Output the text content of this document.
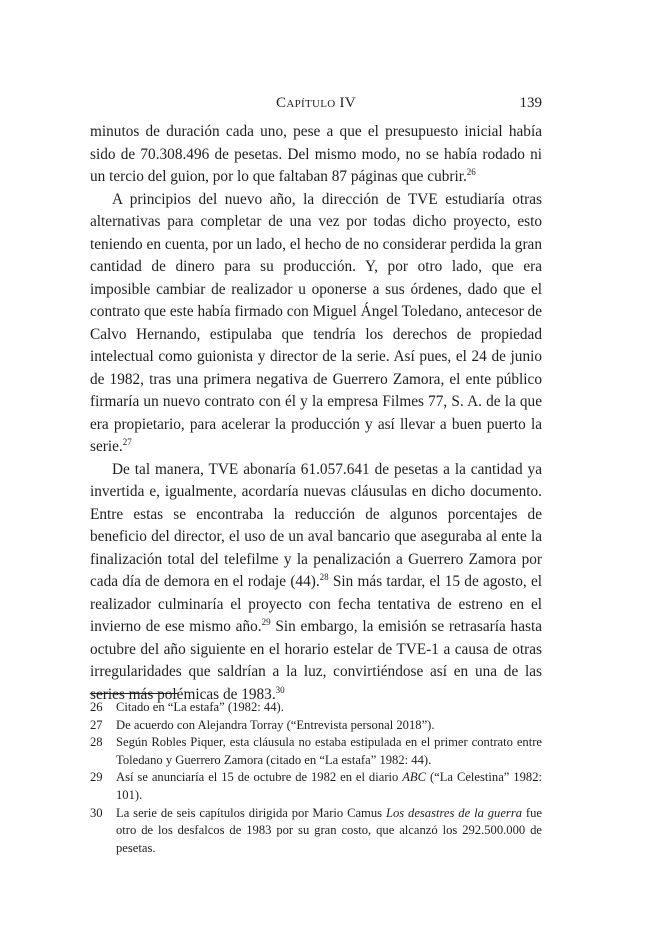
Capítulo IV	139

minutos de duración cada uno, pese a que el presupuesto inicial había sido de 70.308.496 de pesetas. Del mismo modo, no se había rodado ni un tercio del guion, por lo que faltaban 87 páginas que cubrir.$^{26}$

A principios del nuevo año, la dirección de TVE estudiaría otras alternativas para completar de una vez por todas dicho proyecto, esto teniendo en cuenta, por un lado, el hecho de no considerar perdida la gran cantidad de dinero para su producción. Y, por otro lado, que era imposible cambiar de realizador u oponerse a sus órdenes, dado que el contrato que este había firmado con Miguel Ángel Toledano, antecesor de Calvo Hernando, estipulaba que tendría los derechos de propiedad intelectual como guionista y director de la serie. Así pues, el 24 de junio de 1982, tras una primera negativa de Guerrero Zamora, el ente público firmaría un nuevo contrato con él y la empresa Filmes 77, S. A. de la que era propietario, para acelerar la producción y así llevar a buen puerto la serie.$^{27}$

De tal manera, TVE abonaría 61.057.641 de pesetas a la cantidad ya invertida e, igualmente, acordaría nuevas cláusulas en dicho documento. Entre estas se encontraba la reducción de algunos porcentajes de beneficio del director, el uso de un aval bancario que aseguraba al ente la finalización total del telefilme y la penalización a Guerrero Zamora por cada día de demora en el rodaje (44).$^{28}$ Sin más tardar, el 15 de agosto, el realizador culminaría el proyecto con fecha tentativa de estreno en el invierno de ese mismo año.$^{29}$ Sin embargo, la emisión se retrasaría hasta octubre del año siguiente en el horario estelar de TVE-1 a causa de otras irregularidades que saldrían a la luz, convirtiéndose así en una de las series más polémicas de 1983.30

26	Citado en “La estafa” (1982: 44).
27	De acuerdo con Alejandra Torray (“Entrevista personal 2018”).
28	Según Robles Piquer, esta cláusula no estaba estipulada en el primer contrato entre Toledano y Guerrero Zamora (citado en “La estafa” 1982: 44).
29	Así se anunciaría el 15 de octubre de 1982 en el diario ABC (“La Celestina” 1982: 101).
30	La serie de seis capítulos dirigida por Mario Camus Los desastres de la guerra fue otro de los desfalcos de 1983 por su gran costo, que alcanzó los 292.500.000 de pesetas.
